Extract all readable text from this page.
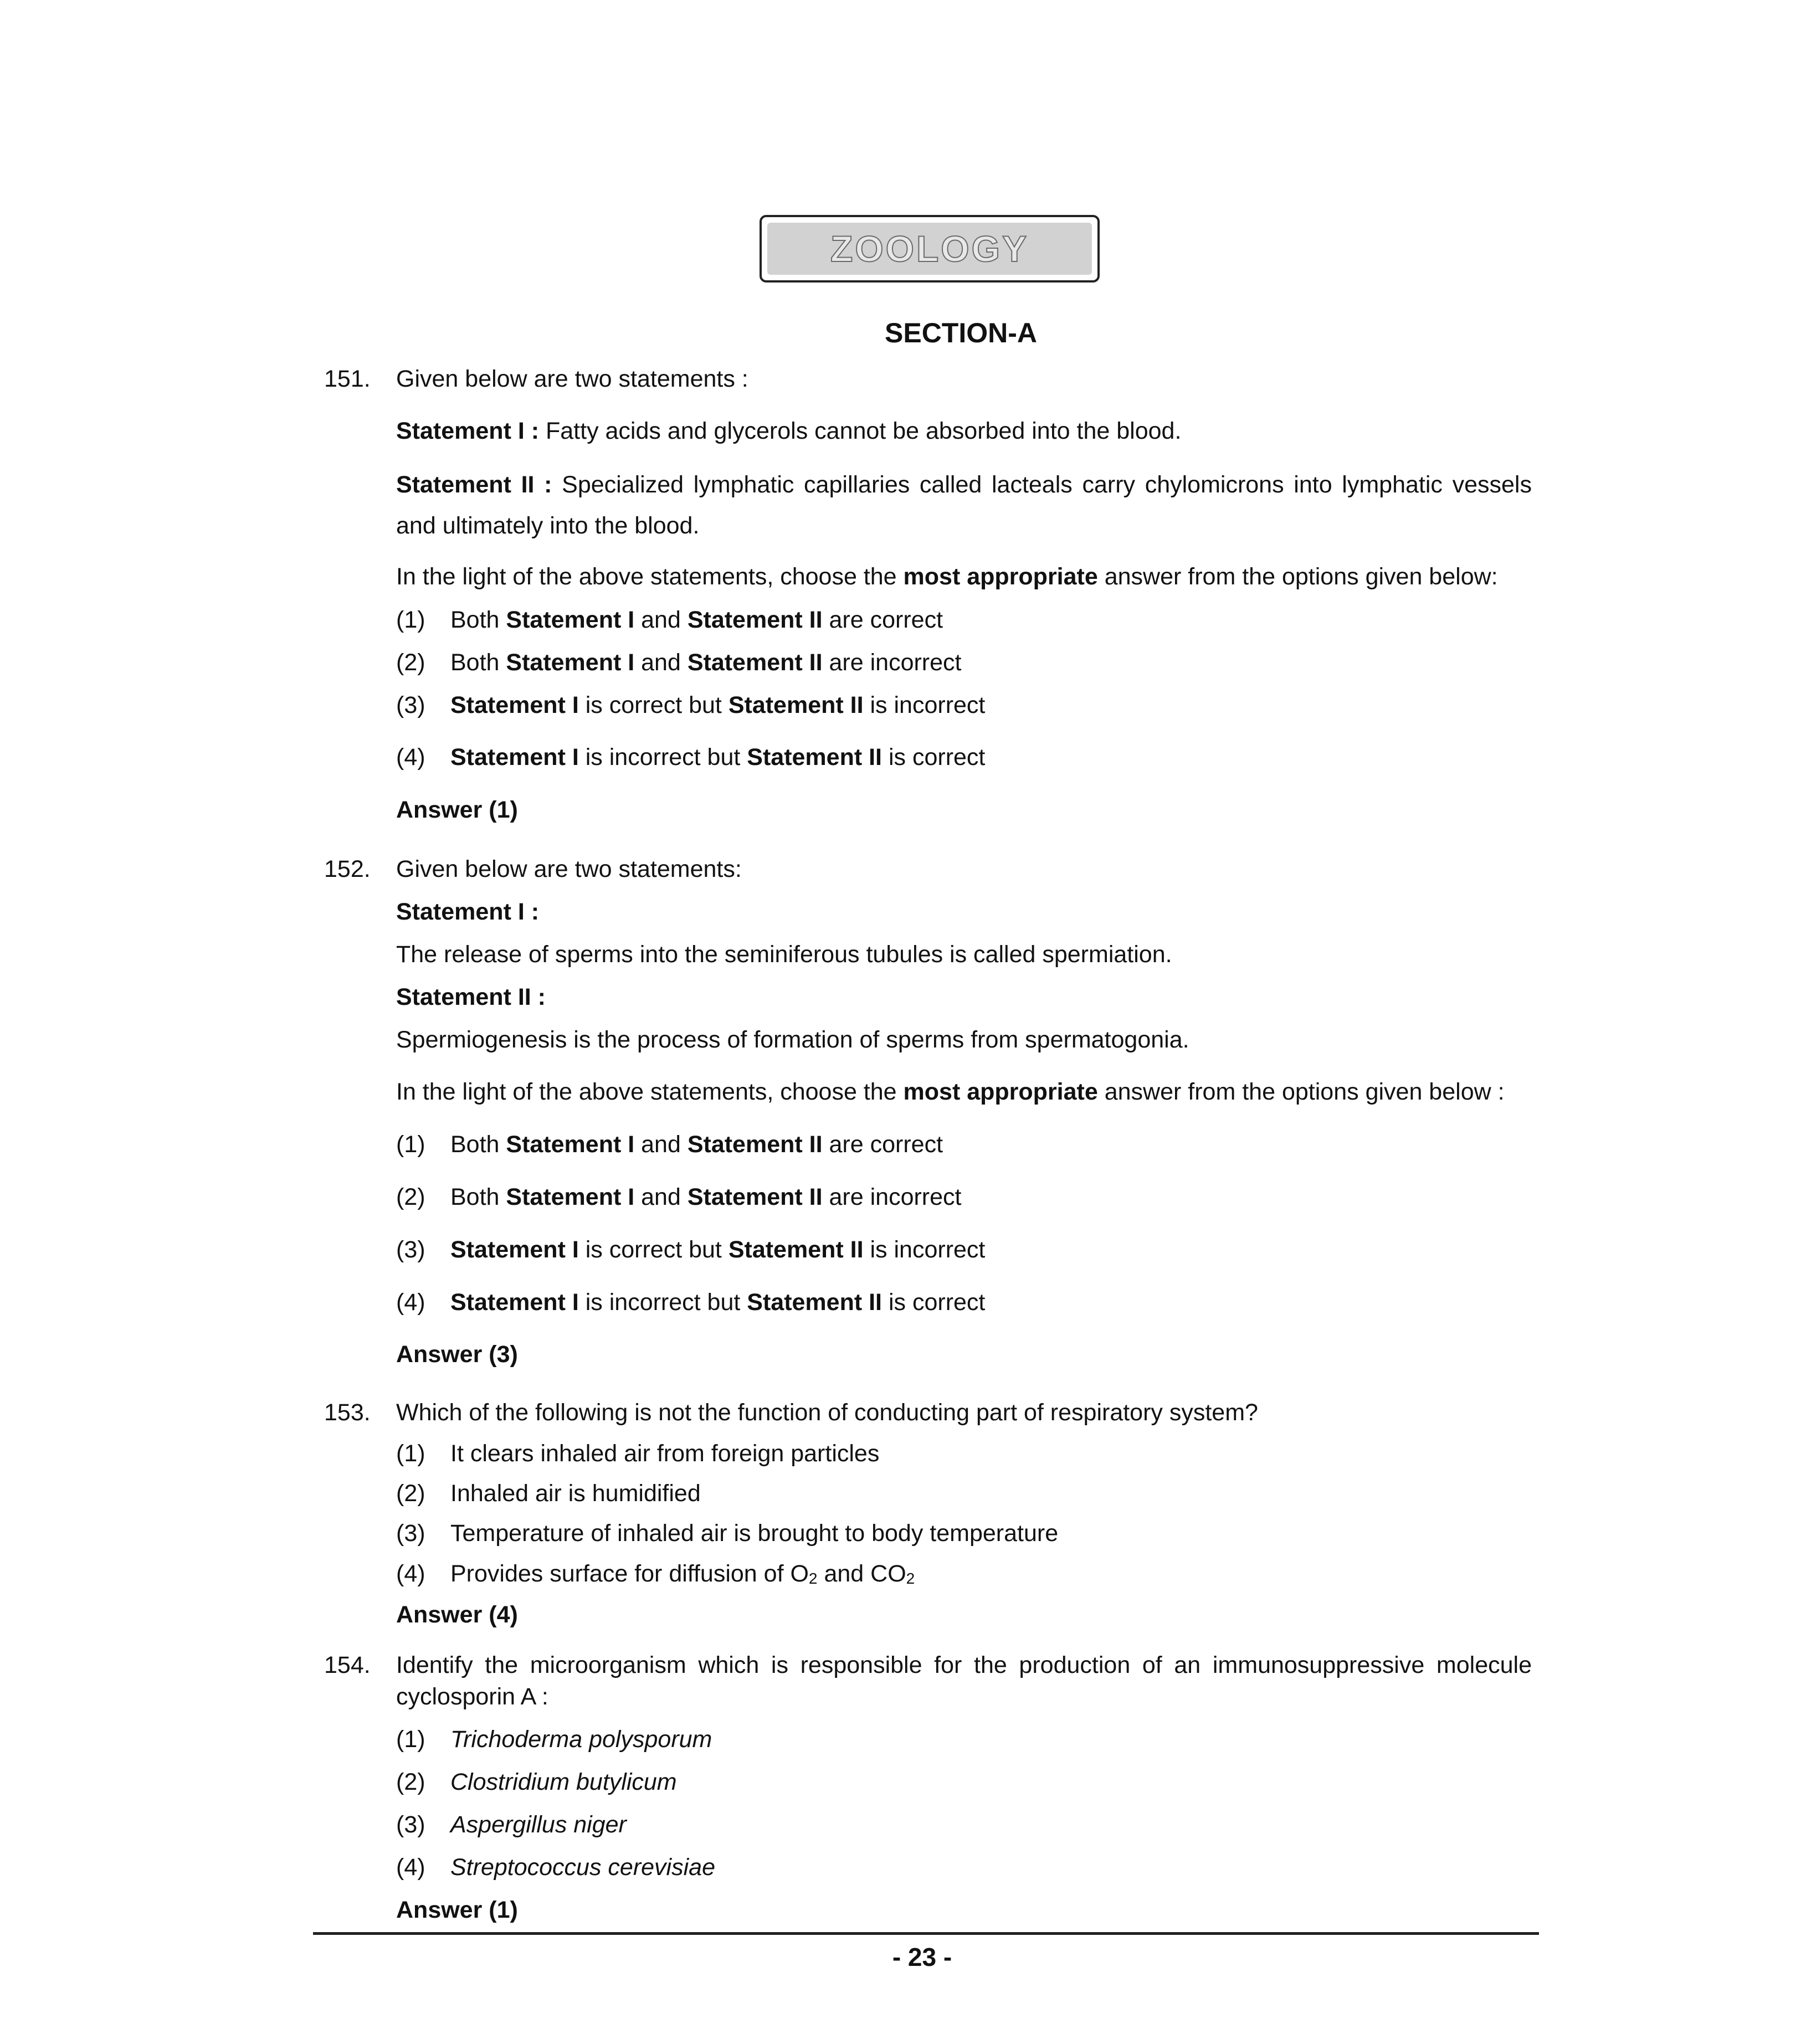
ZOOLOGY
SECTION-A
151. Given below are two statements :
Statement I : Fatty acids and glycerols cannot be absorbed into the blood.
Statement II : Specialized lymphatic capillaries called lacteals carry chylomicrons into lymphatic vessels
and ultimately into the blood.
In the light of the above statements, choose the most appropriate answer from the options given below:
(1) Both Statement I and Statement II are correct
(2) Both Statement I and Statement II are incorrect
(3) Statement I is correct but Statement II is incorrect
(4) Statement I is incorrect but Statement II is correct
Answer (1)
152. Given below are two statements:
Statement I :
The release of sperms into the seminiferous tubules is called spermiation.
Statement II :
Spermiogenesis is the process of formation of sperms from spermatogonia.
In the light of the above statements, choose the most appropriate answer from the options given below :
(1) Both Statement I and Statement II are correct
(2) Both Statement I and Statement II are incorrect
(3) Statement I is correct but Statement II is incorrect
(4) Statement I is incorrect but Statement II is correct
Answer (3)
153. Which of the following is not the function of conducting part of respiratory system?
(1) It clears inhaled air from foreign particles
(2) Inhaled air is humidified
(3) Temperature of inhaled air is brought to body temperature
(4) Provides surface for diffusion of $O_2$ and $CO_2$
Answer (4)
154. Identify the microorganism which is responsible for the production of an immunosuppressive molecule
cyclosporin A :
(1) Trichoderma polysporum
(2) Clostridium butylicum
(3) Aspergillus niger
(4) Streptococcus cerevisiae
Answer (1)
- 23 -
